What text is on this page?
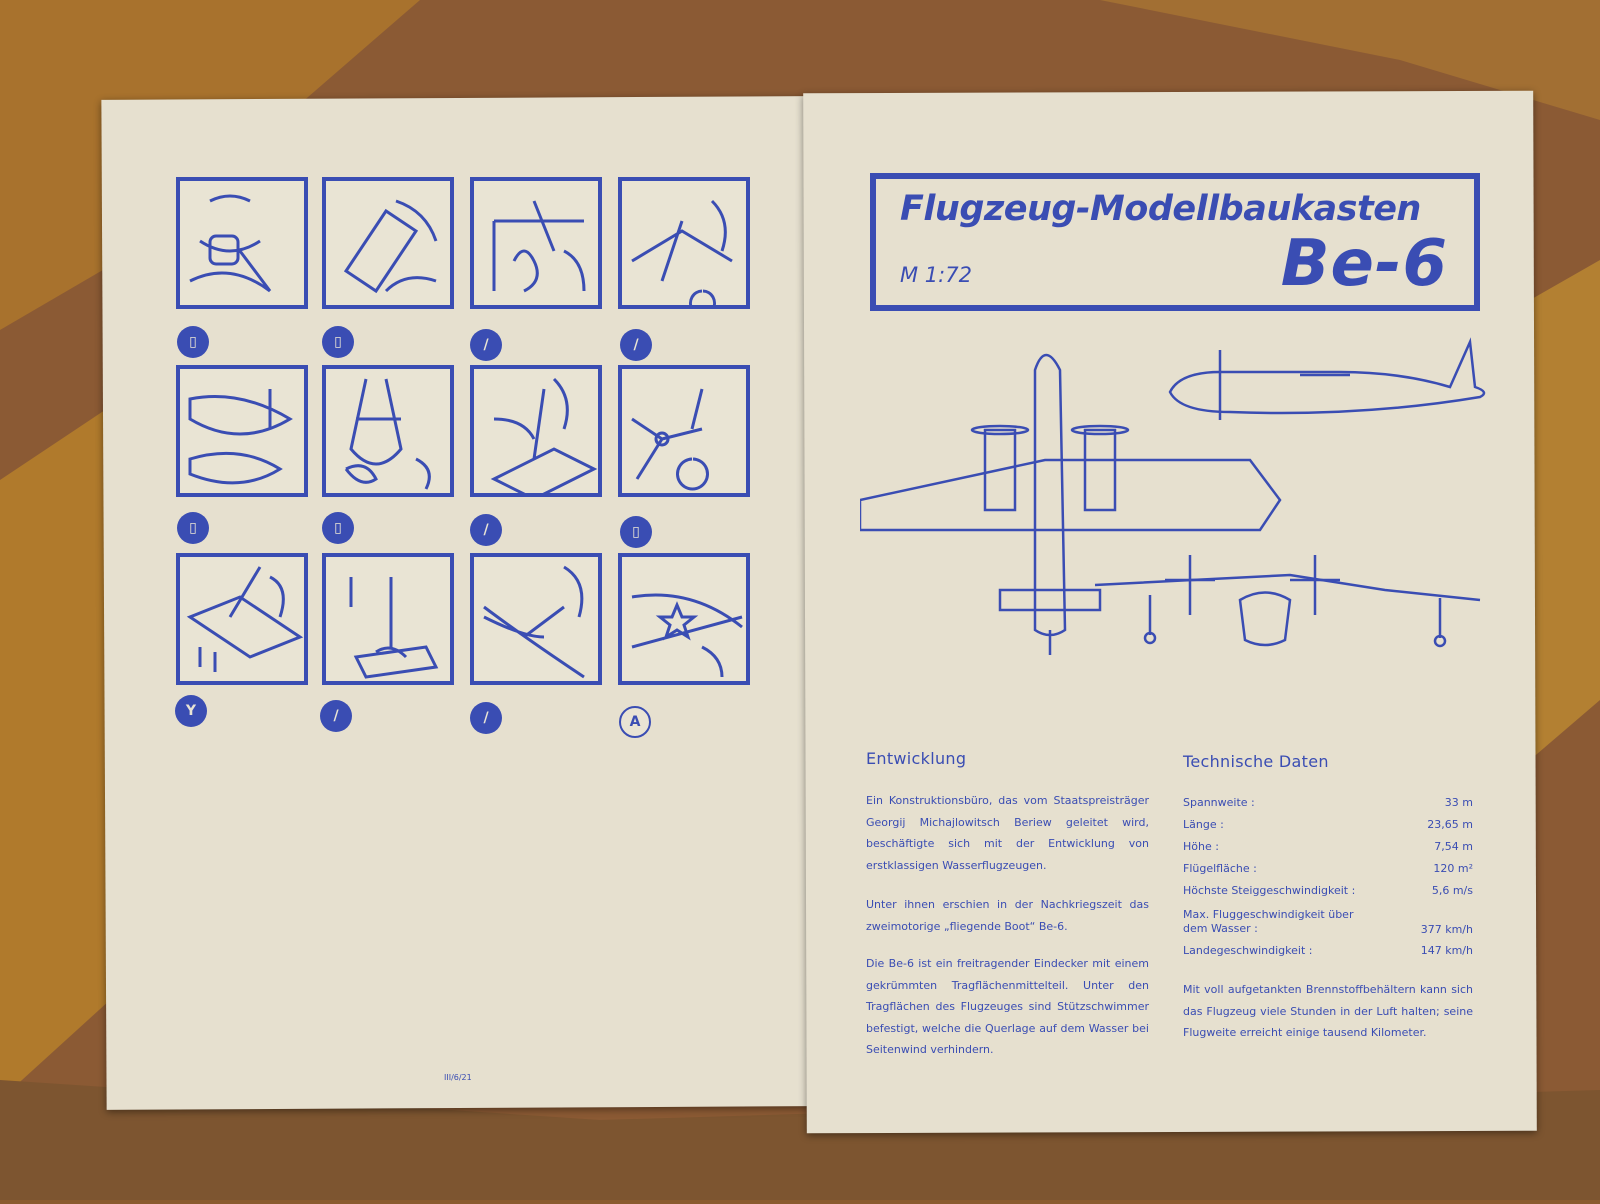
▯	▯	/	/
▯	▯	/	▯
Y	/	/	A
III/6/21
Flugzeug-Modellbaukasten
M 1:72	Be-6
Entwicklung

Ein Konstruktionsbüro, das vom Staatspreisträger Georgij Michajlowitsch Beriew geleitet wird, beschäftigte sich mit der Entwicklung von erstklassigen Wasserflugzeugen.

Unter ihnen erschien in der Nachkriegszeit das zweimotorige „fliegende Boot“ Be-6.

Die Be-6 ist ein freitragender Eindecker mit einem gekrümmten Tragflächenmittelteil. Unter den Tragflächen des Flugzeuges sind Stützschwimmer befestigt, welche die Querlage auf dem Wasser bei Seitenwind verhindern.

Technische Daten
Spannweite :	33 m
Länge :	23,65 m
Höhe :	7,54 m
Flügelfläche :	120 m²
Höchste Steiggeschwindigkeit :	5,6 m/s
Max. Fluggeschwindigkeit über dem Wasser :	377 km/h
Landegeschwindigkeit :	147 km/h

Mit voll aufgetankten Brennstoffbehältern kann sich das Flugzeug viele Stunden in der Luft halten; seine Flugweite erreicht einige tausend Kilometer.
